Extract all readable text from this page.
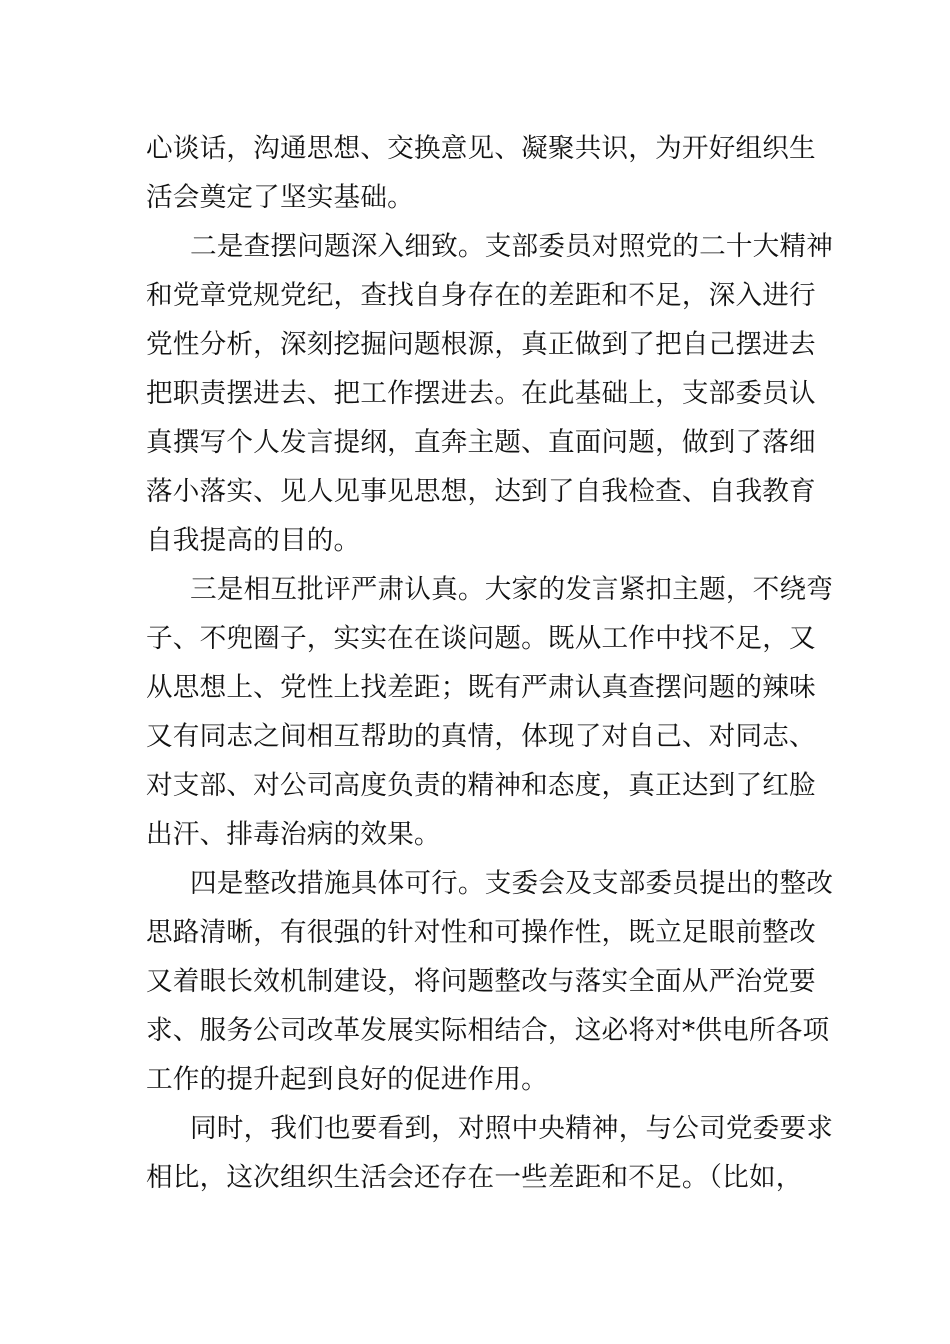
心谈话，沟通思想、交换意见、凝聚共识，为开好组织生
活会奠定了坚实基础。
二是查摆问题深入细致。支部委员对照党的二十大精神
和党章党规党纪，查找自身存在的差距和不足，深入进行
党性分析，深刻挖掘问题根源，真正做到了把自己摆进去
把职责摆进去、把工作摆进去。在此基础上，支部委员认
真撰写个人发言提纲，直奔主题、直面问题，做到了落细
落小落实、见人见事见思想，达到了自我检查、自我教育
自我提高的目的。
三是相互批评严肃认真。大家的发言紧扣主题，不绕弯
子、不兜圈子，实实在在谈问题。既从工作中找不足，又
从思想上、党性上找差距；既有严肃认真查摆问题的辣味
又有同志之间相互帮助的真情，体现了对自己、对同志、
对支部、对公司高度负责的精神和态度，真正达到了红脸
出汗、排毒治病的效果。
四是整改措施具体可行。支委会及支部委员提出的整改
思路清晰，有很强的针对性和可操作性，既立足眼前整改
又着眼长效机制建设，将问题整改与落实全面从严治党要
求、服务公司改革发展实际相结合，这必将对*供电所各项
工作的提升起到良好的促进作用。
同时，我们也要看到，对照中央精神，与公司党委要求
相比，这次组织生活会还存在一些差距和不足。（比如，
